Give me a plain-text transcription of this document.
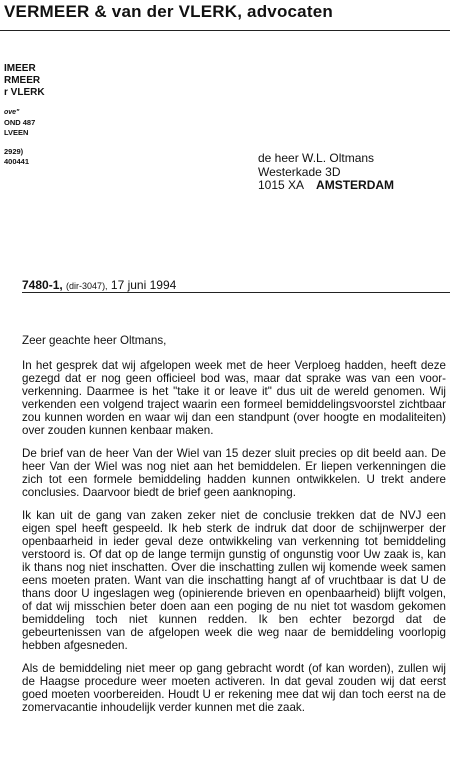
VERMEER & van der VLERK, advocaten
IMEER
RMEER
r VLERK
ove"
OND 487
LVEEN
2929)
400441	de heer W.L. Oltmans
Westerkade 3D
1015 XA AMSTERDAM
7480-1, (dir-3047), 17 juni 1994

Zeer geachte heer Oltmans,

In het gesprek dat wij afgelopen week met de heer Verploeg hadden, heeft deze gezegd dat er nog geen officieel bod was, maar dat sprake was van een voor-verkenning. Daarmee is het "take it or leave it" dus uit de wereld genomen. Wij verkenden een volgend traject waarin een formeel bemiddelingsvoorstel zichtbaar zou kunnen worden en waar wij dan een standpunt (over hoogte en modaliteiten) over zouden kunnen kenbaar maken.

De brief van de heer Van der Wiel van 15 dezer sluit precies op dit beeld aan. De heer Van der Wiel was nog niet aan het bemiddelen. Er liepen verkenningen die zich tot een formele bemiddeling hadden kunnen ontwikkelen. U trekt andere conclusies. Daarvoor biedt de brief geen aanknoping.

Ik kan uit de gang van zaken zeker niet de conclusie trekken dat de NVJ een eigen spel heeft gespeeld. Ik heb sterk de indruk dat door de schijnwerper der openbaarheid in ieder geval deze ontwikkeling van verkenning tot bemiddeling verstoord is. Of dat op de lange termijn gunstig of ongunstig voor Uw zaak is, kan ik thans nog niet inschatten. Over die inschatting zullen wij komende week samen eens moeten praten. Want van die inschatting hangt af of vruchtbaar is dat U de thans door U ingeslagen weg (opinierende brieven en openbaarheid) blijft volgen, of dat wij misschien beter doen aan een poging de nu niet tot wasdom gekomen bemiddeling toch niet kunnen redden. Ik ben echter bezorgd dat de gebeurtenissen van de afgelopen week die weg naar de bemiddeling voorlopig hebben afgesneden.

Als de bemiddeling niet meer op gang gebracht wordt (of kan worden), zullen wij de Haagse procedure weer moeten activeren. In dat geval zouden wij dat eerst goed moeten voorbereiden. Houdt U er rekening mee dat wij dan toch eerst na de zomervacantie inhoudelijk verder kunnen met die zaak.
